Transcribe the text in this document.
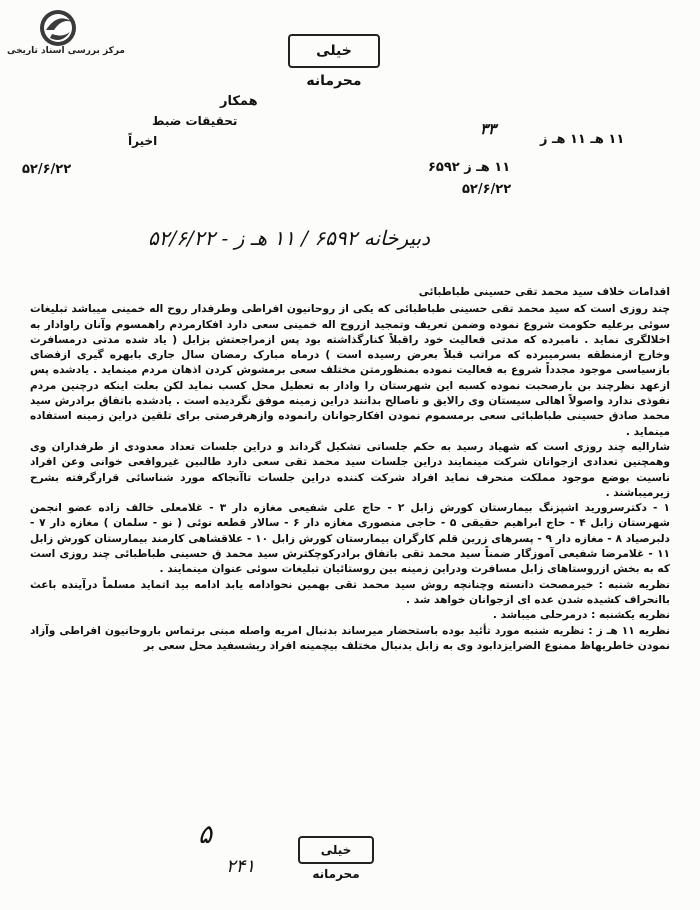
مرکز بررسی اسناد تاریخی	خیلی محرمانه
همکار
تحقیقات ضبط
اخیراً
۵۲/۶/۲۲
۱۱ هـ ۱۱ هـ ز
۳۳
۱۱ هـ ز ۶۵۹۲
۵۲/۶/۲۲
دبیرخانه ۶۵۹۲ / ۱۱ هـ ز - ۵۲/۶/۲۲

اقدامات خلاف سید محمد تقی حسینی طباطبائی

چند روزی است که سید محمد تقی حسینی طباطبائی که یکی از روحانیون افراطی وطرفدار روح اله خمینی میباشد تبلیغات سوئی برعلیه حکومت شروع نموده وضمن تعریف وتمجید ازروح اله خمینی سعی دارد افکارمردم راهمسوم وآنان راوادار به اخلالگری نماید . نامبرده که مدتی فعالیت خود راقبلاً کنارگذاشته بود پس ازمراجعتش بزابل ( یاد شده مدتی درمسافرت وخارج ازمنطقه بسرمیبرده که مراتب قبلاً بعرض رسیده است ) درماه مبارک رمضان سال جاری بابهره گیری ازفضای بازسیاسی موجود مجدداً شروع به فعالیت نموده بمنظورمتن مختلف سعی برمشوش کردن اذهان مردم مینماید . یادشده پس ازعهد نظرچند بن بارصحبت نموده کسبه این شهرستان را وادار به تعطیل محل کسب نماید لکن بعلت اینکه درچنین مردم نفوذی ندارد واصولاً اهالی سیستان وی رالایق و ناصالح بدانند دراین زمینه موفق نگردیده است . یادشده باتفاق برادرش سید محمد صادق حسینی طباطبائی سعی برمسموم نمودن افکارجوانان رانموده وازهرفرصتی برای تلقین دراین زمینه استفاده مینماید .

شاراليه چند روزی است که شهیاد رسید به حکم جلساتی تشکیل گرداند و دراین جلسات تعداد معدودی از طرفداران وی وهمچنین تعدادی ازجوانان شرکت مینمایند دراین جلسات سید محمد تقی سعی دارد طالبین غیرواقعی خوانی وعن افراد ناسیت بوضع موجود مملکت منحرف نماید افراد شرکت کننده دراین جلسات تاآنجاکه مورد شناسائی قرارگرفته بشرح زیرمیباشند .

۱ - دکترسرورید اشپزنگ بیمارستان کورش زابل ۲ - حاج علی شفیعی مغازه دار ۳ - غلامعلی خالف زاده عضو انجمن شهرستان زابل ۴ - حاج ابراهیم حقیقی ۵ - حاجی منصوری مغازه دار ۶ - سالار قطعه نوئی ( نو - سلمان ) مغازه دار ۷ - دلبرصیاد ۸ - مغازه دار ۹ - پسرهای زرین قلم کارگران بیمارستان کورش زابل ۱۰ - علاقشاهی کارمند بیمارستان کورش زابل ۱۱ - غلامرضا شفیعی آموزگار ضمناً سید محمد تقی باتفاق برادرکوچکترش سید محمد ق حسینی طباطبائی چند روزی است که به بخش ازروستاهای زابل مسافرت ودراین زمینه بین روستائیان تبلیغات سوئی عنوان مینمایند .

نظریه شنبه : خیرمصحت دانسته وچنانچه روش سید محمد تقی بهمین نحوادامه یابد ادامه بید اتماید مسلماً درآینده باعث باانحراف کشیده شدن عده ای ازجوانان خواهد شد .

نظریه یکشنبه : درمرحلی میباشد .

نظریه ۱۱ هـ ز : نظریه شنبه مورد تأئید بوده باستحضار میرساند بدنبال امریه واصله مبنی برتماس باروحانیون افراطی وآزاد نمودن خاطریهاظ ممنوع الضرایزدابود وی به زابل بدنبال مختلف بیچمینه افراد ریشسفید محل سعی بر

۵
۲۴۱
خیلی محرمانه
